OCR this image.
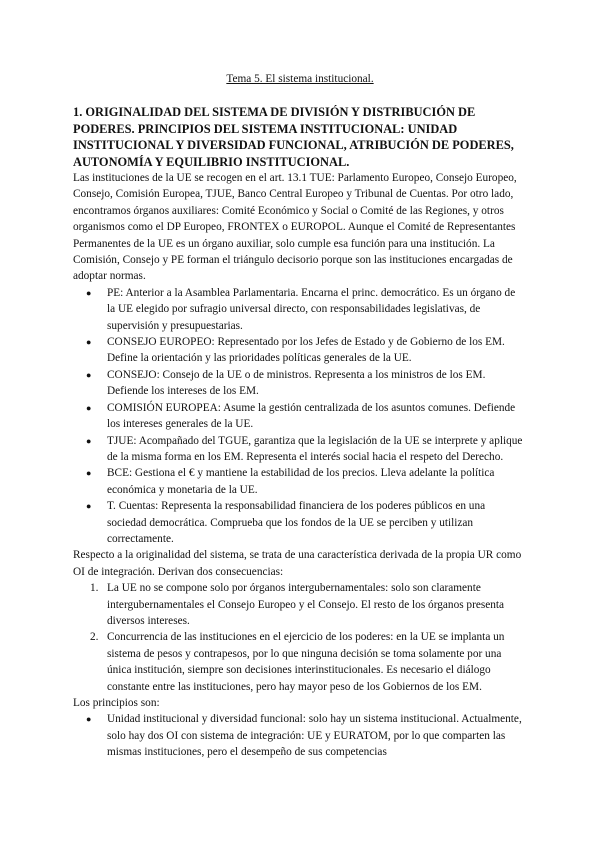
Tema 5. El sistema institucional.
1. ORIGINALIDAD DEL SISTEMA DE DIVISIÓN Y DISTRIBUCIÓN DE PODERES. PRINCIPIOS DEL SISTEMA INSTITUCIONAL: UNIDAD INSTITUCIONAL Y DIVERSIDAD FUNCIONAL, ATRIBUCIÓN DE PODERES, AUTONOMÍA Y EQUILIBRIO INSTITUCIONAL.

Las instituciones de la UE se recogen en el art. 13.1 TUE: Parlamento Europeo, Consejo Europeo, Consejo, Comisión Europea, TJUE, Banco Central Europeo y Tribunal de Cuentas. Por otro lado, encontramos órganos auxiliares: Comité Económico y Social o Comité de las Regiones, y otros organismos como el DP Europeo, FRONTEX o EUROPOL. Aunque el Comité de Representantes Permanentes de la UE es un órgano auxiliar, solo cumple esa función para una institución. La Comisión, Consejo y PE forman el triángulo decisorio porque son las instituciones encargadas de adoptar normas.

● PE: Anterior a la Asamblea Parlamentaria. Encarna el princ. democrático. Es un órgano de la UE elegido por sufragio universal directo, con responsabilidades legislativas, de supervisión y presupuestarias.
● CONSEJO EUROPEO: Representado por los Jefes de Estado y de Gobierno de los EM. Define la orientación y las prioridades políticas generales de la UE.
● CONSEJO: Consejo de la UE o de ministros. Representa a los ministros de los EM. Defiende los intereses de los EM.
● COMISIÓN EUROPEA: Asume la gestión centralizada de los asuntos comunes. Defiende los intereses generales de la UE.
● TJUE: Acompañado del TGUE, garantiza que la legislación de la UE se interprete y aplique de la misma forma en los EM. Representa el interés social hacia el respeto del Derecho.
● BCE: Gestiona el € y mantiene la estabilidad de los precios. Lleva adelante la política económica y monetaria de la UE.
● T. Cuentas: Representa la responsabilidad financiera de los poderes públicos en una sociedad democrática. Comprueba que los fondos de la UE se perciben y utilizan correctamente.

Respecto a la originalidad del sistema, se trata de una característica derivada de la propia UR como OI de integración. Derivan dos consecuencias:

1. La UE no se compone solo por órganos intergubernamentales: solo son claramente intergubernamentales el Consejo Europeo y el Consejo. El resto de los órganos presenta diversos intereses.
2. Concurrencia de las instituciones en el ejercicio de los poderes: en la UE se implanta un sistema de pesos y contrapesos, por lo que ninguna decisión se toma solamente por una única institución, siempre son decisiones interinstitucionales. Es necesario el diálogo constante entre las instituciones, pero hay mayor peso de los Gobiernos de los EM.

Los principios son:

● Unidad institucional y diversidad funcional: solo hay un sistema institucional. Actualmente, solo hay dos OI con sistema de integración: UE y EURATOM, por lo que comparten las mismas instituciones, pero el desempeño de sus competencias
